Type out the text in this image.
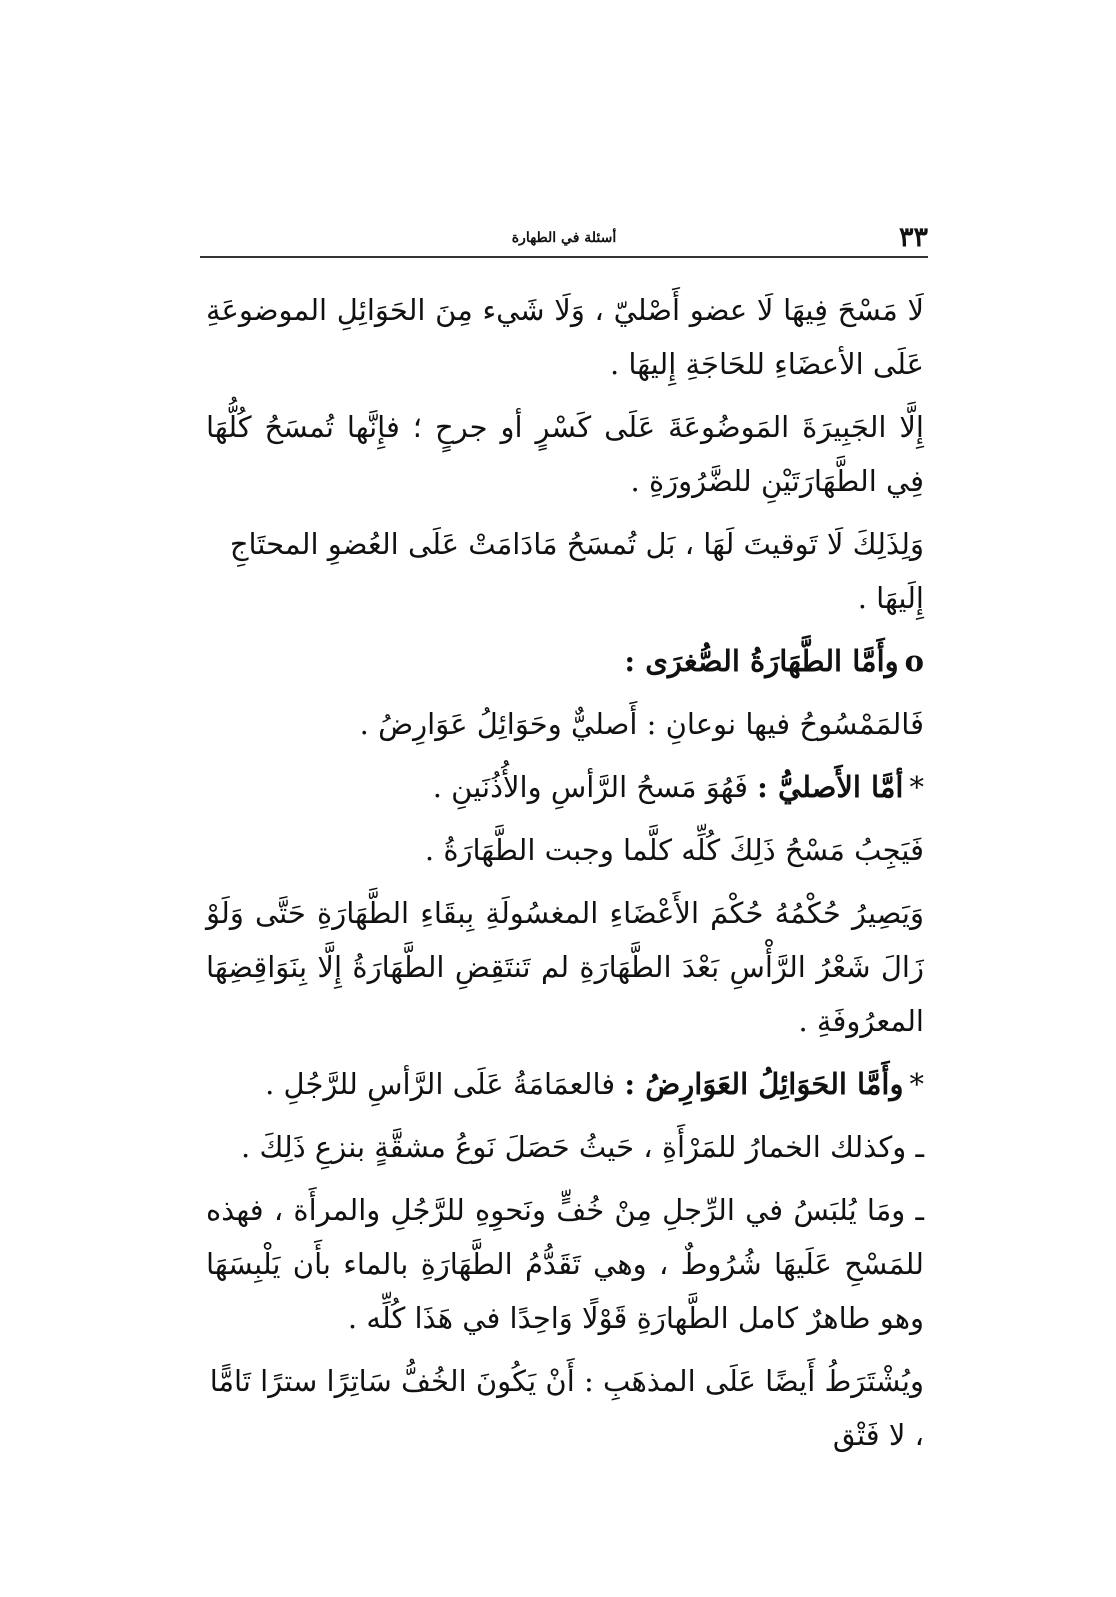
٣٣
أسئلة في الطهارة

لَا مَسْحَ فِيهَا لَا عضو أَصْليّ ، وَلَا شَيء مِنَ الحَوَائِلِ الموضوعَةِ عَلَى الأعضَاءِ للحَاجَةِ إِليهَا .

إِلَّا الجَبِيرَةَ المَوضُوعَةَ عَلَى كَسْرٍ أو جرحٍ ؛ فإِنَّها تُمسَحُ كُلُّهَا فِي الطَّهَارَتَيْنِ للضَّرُورَةِ .

وَلِذَلِكَ لَا تَوقيتَ لَهَا ، بَل تُمسَحُ مَادَامَتْ عَلَى العُضوِ المحتَاجِ إِلَيهَا .

oوأَمَّا الطَّهَارَةُ الصُّغرَى :

فَالمَمْسُوحُ فيها نوعانِ : أَصليٌّ وحَوَائِلُ عَوَارِضُ .

*أمَّا الأَصليُّ : فَهُوَ مَسحُ الرَّأسِ والأُذُنَينِ .

فَيَجِبُ مَسْحُ ذَلِكَ كُلِّه كلَّما وجبت الطَّهَارَةُ .

وَيَصِيرُ حُكْمُهُ حُكْمَ الأَعْضَاءِ المغسُولَةِ بِبقَاءِ الطَّهَارَةِ حَتَّى وَلَوْ زَالَ شَعْرُ الرَّأْسِ بَعْدَ الطَّهَارَةِ لم تَنتَقِضِ الطَّهَارَةُ إِلَّا بِنَوَاقِضِهَا المعرُوفَةِ .

*وأَمَّا الحَوَائِلُ العَوَارِضُ : فالعمَامَةُ عَلَى الرَّأسِ للرَّجُلِ .

ـ وكذلك الخمارُ للمَرْأَةِ ، حَيثُ حَصَلَ نَوعُ مشقَّةٍ بنزعِ ذَلِكَ .

ـ ومَا يُلبَسُ في الرِّجلِ مِنْ خُفٍّ ونَحوِهِ للرَّجُلِ والمرأَة ، فهذه للمَسْحِ عَلَيهَا شُرُوطٌ ، وهي تَقَدُّمُ الطَّهَارَةِ بالماء بأَن يَلْبِسَهَا وهو طاهرٌ كامل الطَّهارَةِ قَوْلًا وَاحِدًا في هَذَا كُلِّه .

ويُشْتَرَطُ أَيضًا عَلَى المذهَبِ : أَنْ يَكُونَ الخُفُّ سَاتِرًا سترًا تَامًّا ، لا فَتْق
